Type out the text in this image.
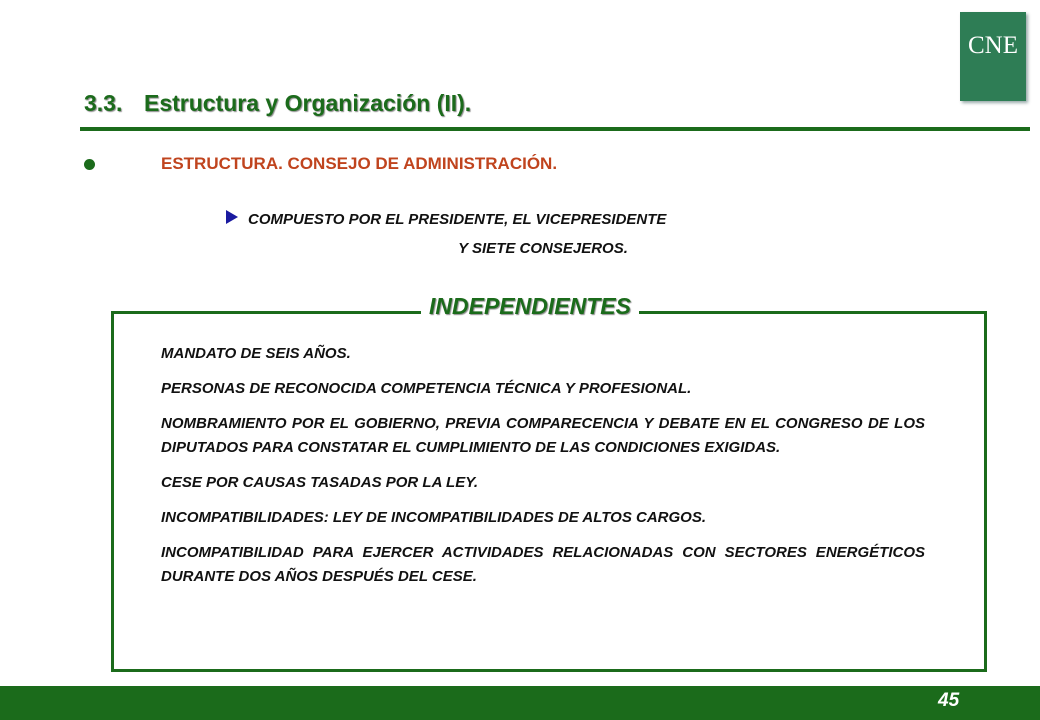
CNE
3.3. Estructura y Organización (II).
ESTRUCTURA. CONSEJO DE ADMINISTRACIÓN.
COMPUESTO POR EL PRESIDENTE, EL VICEPRESIDENTE
Y SIETE CONSEJEROS.
INDEPENDIENTES

MANDATO DE SEIS AÑOS.

PERSONAS DE RECONOCIDA COMPETENCIA TÉCNICA Y PROFESIONAL.

NOMBRAMIENTO POR EL GOBIERNO, PREVIA COMPARECENCIA Y DEBATE EN EL CONGRESO DE LOS DIPUTADOS PARA CONSTATAR EL CUMPLIMIENTO DE LAS CONDICIONES EXIGIDAS.

CESE POR CAUSAS TASADAS POR LA LEY.

INCOMPATIBILIDADES: LEY DE INCOMPATIBILIDADES DE ALTOS CARGOS.

INCOMPATIBILIDAD PARA EJERCER ACTIVIDADES RELACIONADAS CON SECTORES ENERGÉTICOS DURANTE DOS AÑOS DESPUÉS DEL CESE.

45
